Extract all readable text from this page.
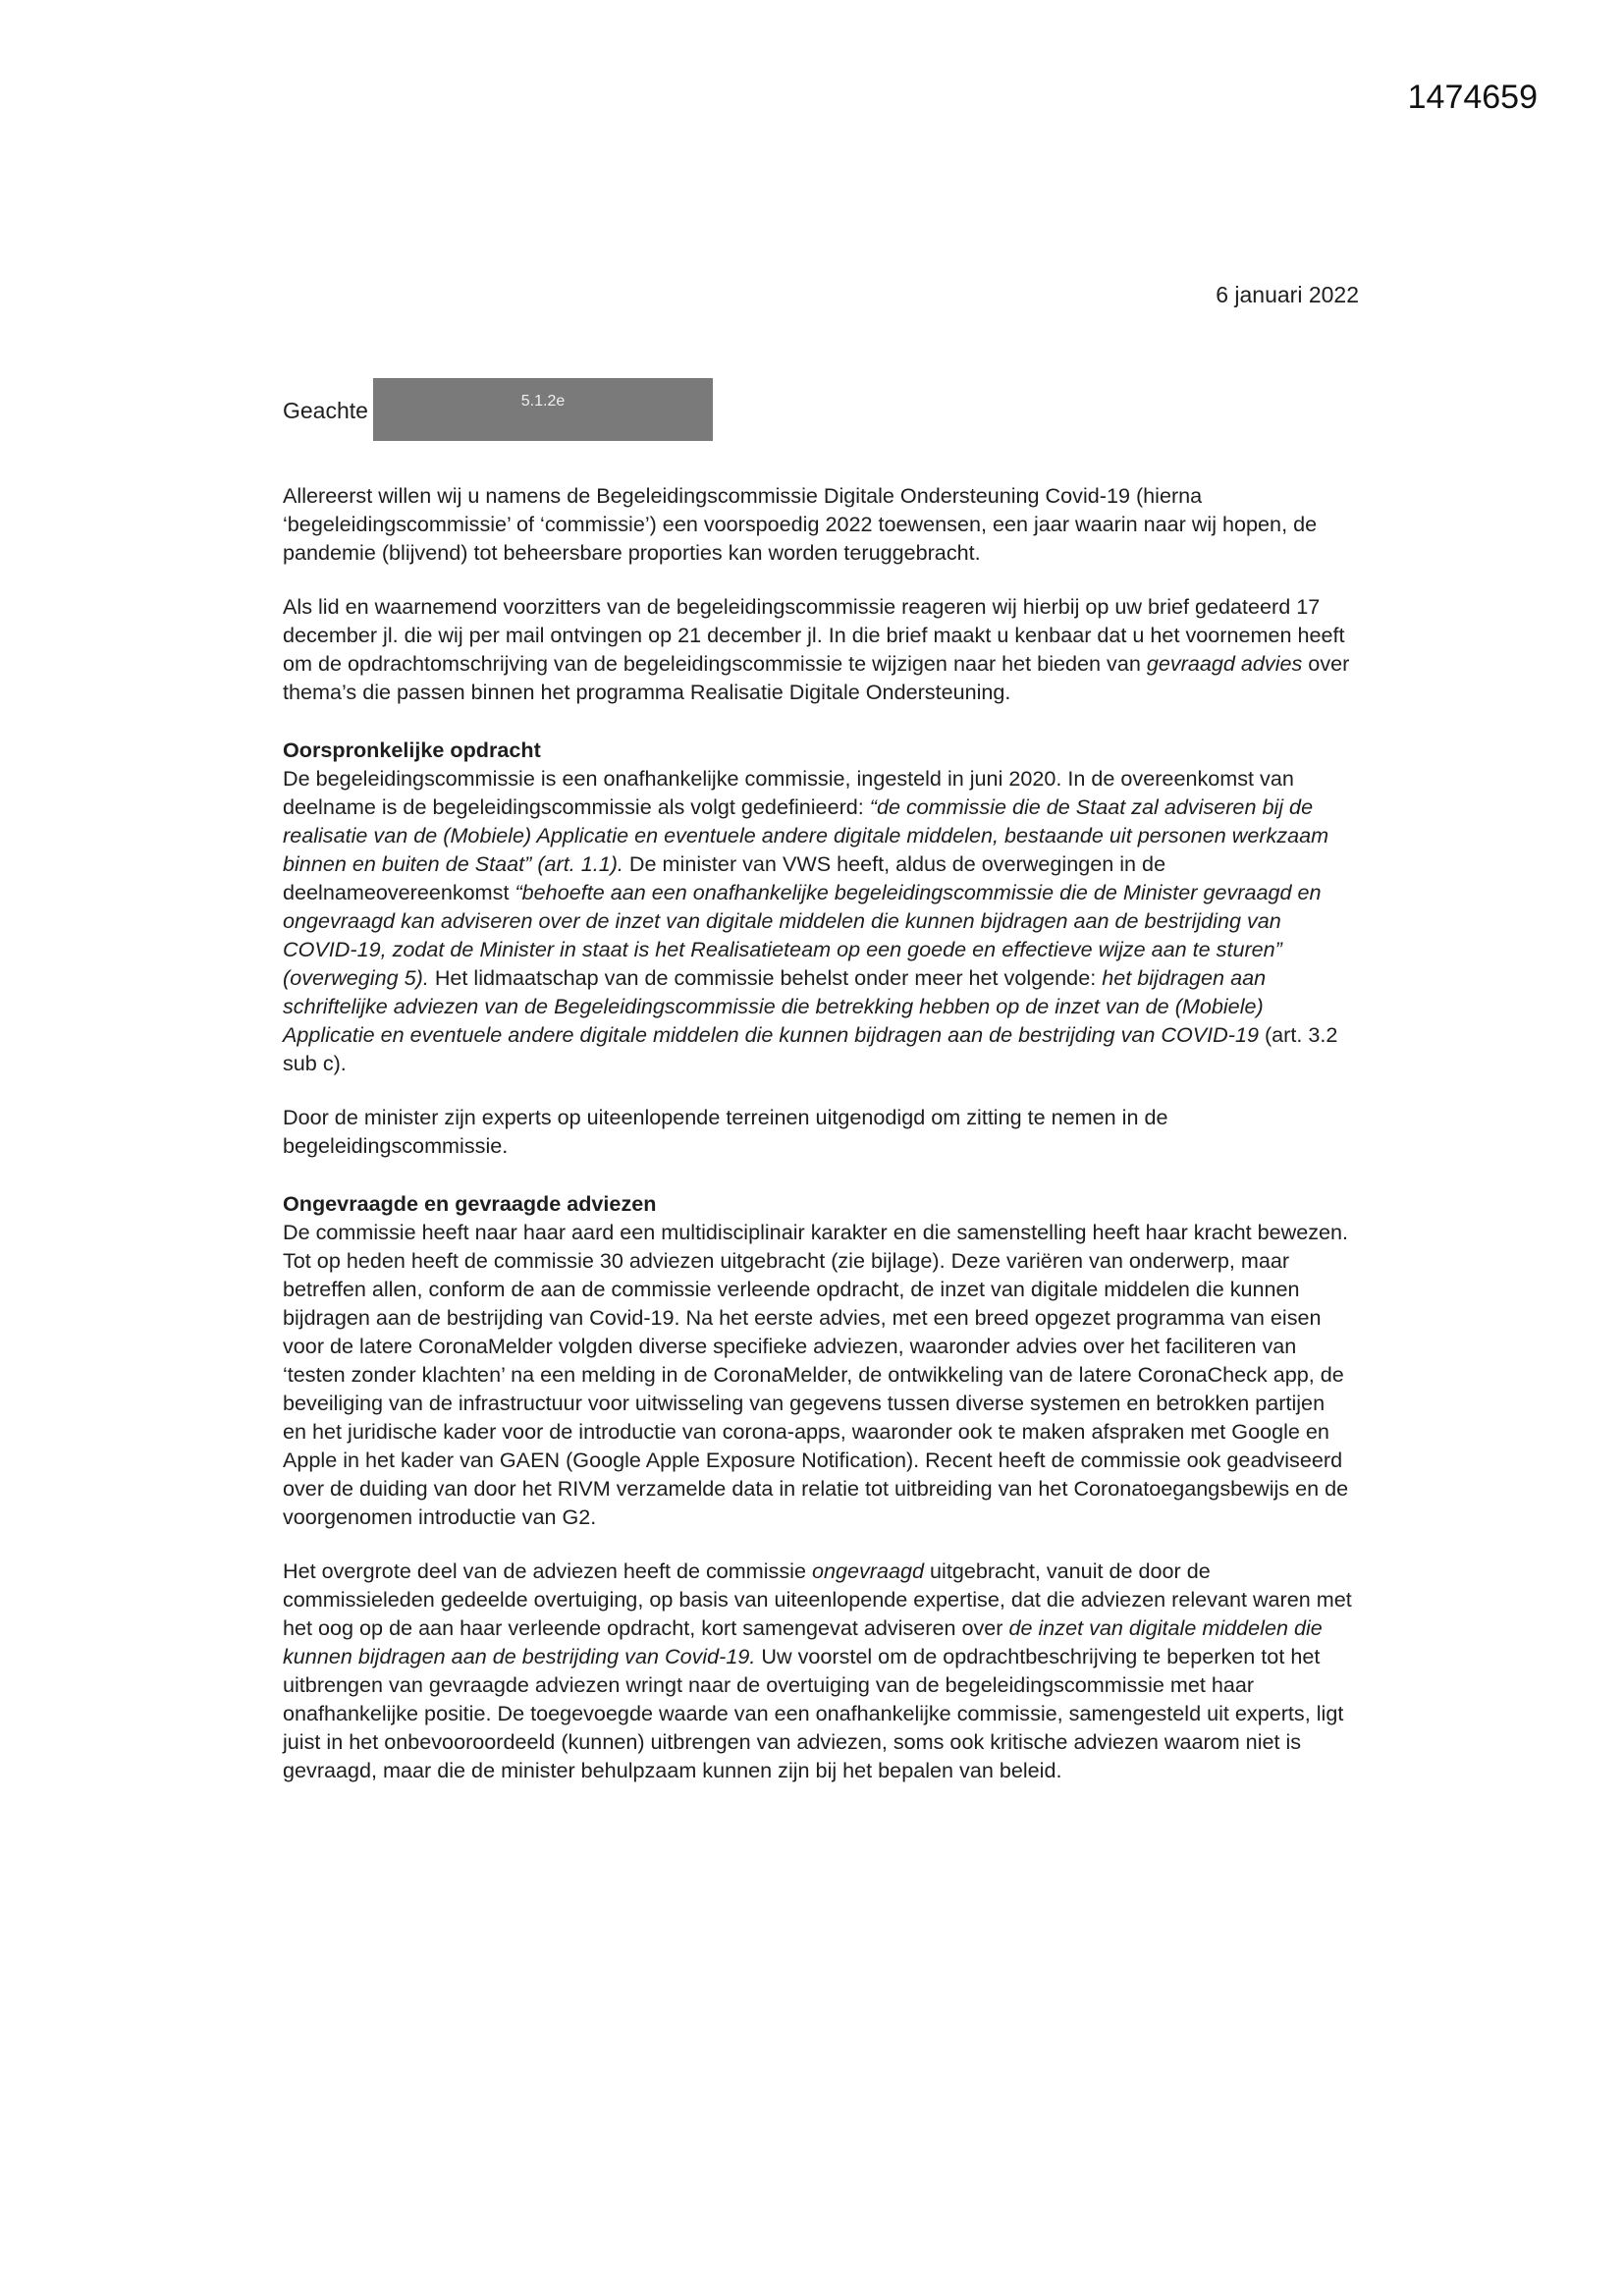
1474659
6 januari 2022
Geachte	5.1.2e

Allereerst willen wij u namens de Begeleidingscommissie Digitale Ondersteuning Covid-19 (hierna ‘begeleidingscommissie’ of ‘commissie’) een voorspoedig 2022 toewensen, een jaar waarin naar wij hopen, de pandemie (blijvend) tot beheersbare proporties kan worden teruggebracht.

Als lid en waarnemend voorzitters van de begeleidingscommissie reageren wij hierbij op uw brief gedateerd 17 december jl. die wij per mail ontvingen op 21 december jl. In die brief maakt u kenbaar dat u het voornemen heeft om de opdrachtomschrijving van de begeleidingscommissie te wijzigen naar het bieden van gevraagd advies over thema’s die passen binnen het programma Realisatie Digitale Ondersteuning.

Oorspronkelijke opdracht

De begeleidingscommissie is een onafhankelijke commissie, ingesteld in juni 2020. In de overeenkomst van deelname is de begeleidingscommissie als volgt gedefinieerd: “de commissie die de Staat zal adviseren bij de realisatie van de (Mobiele) Applicatie en eventuele andere digitale middelen, bestaande uit personen werkzaam binnen en buiten de Staat” (art. 1.1). De minister van VWS heeft, aldus de overwegingen in de deelnameovereenkomst “behoefte aan een onafhankelijke begeleidingscommissie die de Minister gevraagd en ongevraagd kan adviseren over de inzet van digitale middelen die kunnen bijdragen aan de bestrijding van COVID-19, zodat de Minister in staat is het Realisatieteam op een goede en effectieve wijze aan te sturen” (overweging 5). Het lidmaatschap van de commissie behelst onder meer het volgende: het bijdragen aan schriftelijke adviezen van de Begeleidingscommissie die betrekking hebben op de inzet van de (Mobiele) Applicatie en eventuele andere digitale middelen die kunnen bijdragen aan de bestrijding van COVID-19 (art. 3.2 sub c).

Door de minister zijn experts op uiteenlopende terreinen uitgenodigd om zitting te nemen in de begeleidingscommissie.

Ongevraagde en gevraagde adviezen

De commissie heeft naar haar aard een multidisciplinair karakter en die samenstelling heeft haar kracht bewezen. Tot op heden heeft de commissie 30 adviezen uitgebracht (zie bijlage). Deze variëren van onderwerp, maar betreffen allen, conform de aan de commissie verleende opdracht, de inzet van digitale middelen die kunnen bijdragen aan de bestrijding van Covid-19. Na het eerste advies, met een breed opgezet programma van eisen voor de latere CoronaMelder volgden diverse specifieke adviezen, waaronder advies over het faciliteren van ‘testen zonder klachten’ na een melding in de CoronaMelder, de ontwikkeling van de latere CoronaCheck app, de beveiliging van de infrastructuur voor uitwisseling van gegevens tussen diverse systemen en betrokken partijen en het juridische kader voor de introductie van corona-apps, waaronder ook te maken afspraken met Google en Apple in het kader van GAEN (Google Apple Exposure Notification). Recent heeft de commissie ook geadviseerd over de duiding van door het RIVM verzamelde data in relatie tot uitbreiding van het Coronatoegangsbewijs en de voorgenomen introductie van G2.

Het overgrote deel van de adviezen heeft de commissie ongevraagd uitgebracht, vanuit de door de commissieleden gedeelde overtuiging, op basis van uiteenlopende expertise, dat die adviezen relevant waren met het oog op de aan haar verleende opdracht, kort samengevat adviseren over de inzet van digitale middelen die kunnen bijdragen aan de bestrijding van Covid-19. Uw voorstel om de opdrachtbeschrijving te beperken tot het uitbrengen van gevraagde adviezen wringt naar de overtuiging van de begeleidingscommissie met haar onafhankelijke positie. De toegevoegde waarde van een onafhankelijke commissie, samengesteld uit experts, ligt juist in het onbevooroordeeld (kunnen) uitbrengen van adviezen, soms ook kritische adviezen waarom niet is gevraagd, maar die de minister behulpzaam kunnen zijn bij het bepalen van beleid.
